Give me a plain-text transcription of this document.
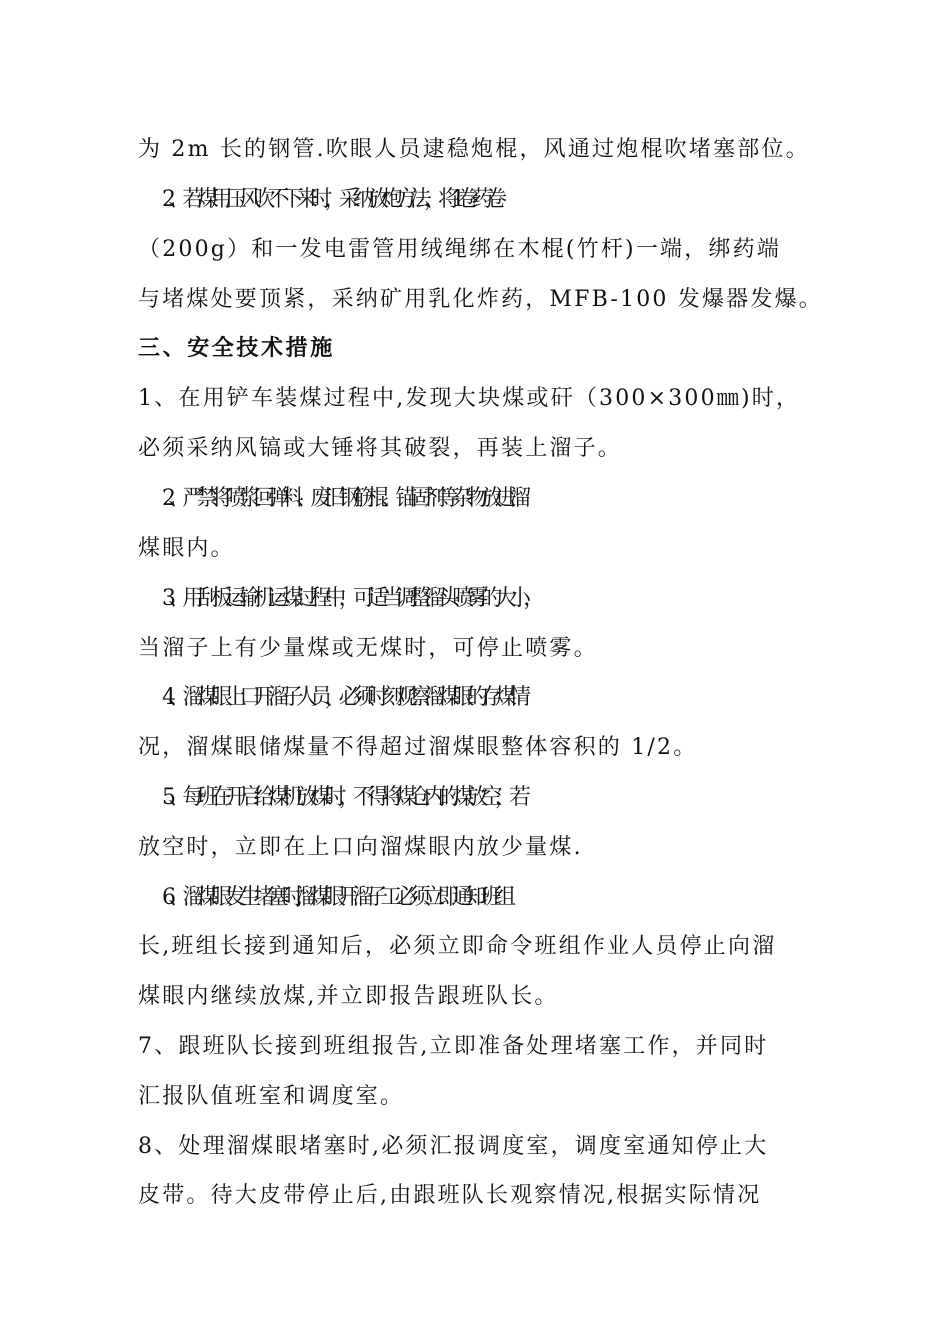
为 2m 长的钢管.吹眼人员逮稳炮棍，风通过炮棍吹堵塞部位。
2、若煤用压风吹不下来时，采纳放炮方法，将 1 卷药卷
（200g）和一发电雷管用绒绳绑在木棍(竹杆)一端，绑药端
与堵煤处要顶紧，采纳矿用乳化炸药，MFB-100 发爆器发爆。
三、安全技术措施
1、在用铲车装煤过程中,发现大块煤或矸（300×300㎜)时，
必须采纳风镐或大锤将其破裂，再装上溜子。
2、严禁将喷浆回弹料、废旧钢筋棍、锚固剂等杂物放进溜
煤眼内。
3、用刮板运输机运煤过程中，可适当调整溜头喷雾的大小，
当溜子上有少量煤或无煤时，可停止喷雾。
4、溜煤眼上口开溜子人员，必须时刻观察溜煤眼的存煤情
况，溜煤眼储煤量不得超过溜煤眼整体容积的 1/2。
5、每班在开启给煤机放煤时，不得将煤仓内的煤放空，若
放空时，立即在上口向溜煤眼内放少量煤.
6、溜煤眼发生堵塞时,溜煤眼开溜子工必须立即通知班组
长,班组长接到通知后，必须立即命令班组作业人员停止向溜
煤眼内继续放煤,并立即报告跟班队长。
7、跟班队长接到班组报告,立即准备处理堵塞工作，并同时
汇报队值班室和调度室。
8、处理溜煤眼堵塞时,必须汇报调度室，调度室通知停止大
皮带。待大皮带停止后,由跟班队长观察情况,根据实际情况
